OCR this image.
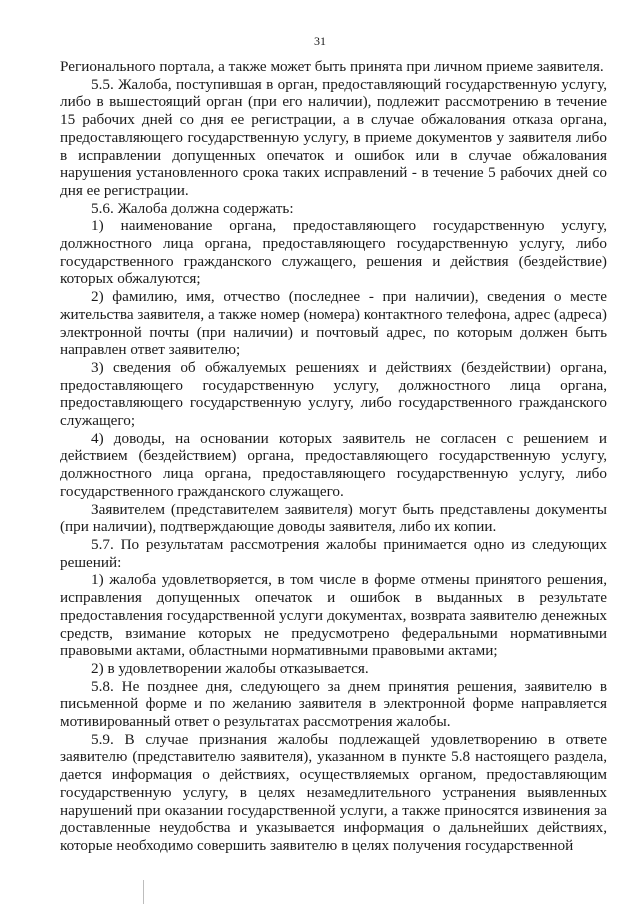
31

Регионального портала, а также может быть принята при личном приеме заявителя.

5.5. Жалоба, поступившая в орган, предоставляющий государственную услугу, либо в вышестоящий орган (при его наличии), подлежит рассмотрению в течение 15 рабочих дней со дня ее регистрации, а в случае обжалования отказа органа, предоставляющего государственную услугу, в приеме документов у заявителя либо в исправлении допущенных опечаток и ошибок или в случае обжалования нарушения установленного срока таких исправлений - в течение 5 рабочих дней со дня ее регистрации.

5.6. Жалоба должна содержать:

1) наименование органа, предоставляющего государственную услугу, должностного лица органа, предоставляющего государственную услугу, либо государственного гражданского служащего, решения и действия (бездействие) которых обжалуются;

2) фамилию, имя, отчество (последнее - при наличии), сведения о месте жительства заявителя, а также номер (номера) контактного телефона, адрес (адреса) электронной почты (при наличии) и почтовый адрес, по которым должен быть направлен ответ заявителю;

3) сведения об обжалуемых решениях и действиях (бездействии) органа, предоставляющего государственную услугу, должностного лица органа, предоставляющего государственную услугу, либо государственного гражданского служащего;

4) доводы, на основании которых заявитель не согласен с решением и действием (бездействием) органа, предоставляющего государственную услугу, должностного лица органа, предоставляющего государственную услугу, либо государственного гражданского служащего.

Заявителем (представителем заявителя) могут быть представлены документы (при наличии), подтверждающие доводы заявителя, либо их копии.

5.7. По результатам рассмотрения жалобы принимается одно из следующих решений:

1) жалоба удовлетворяется, в том числе в форме отмены принятого решения, исправления допущенных опечаток и ошибок в выданных в результате предоставления государственной услуги документах, возврата заявителю денежных средств, взимание которых не предусмотрено федеральными нормативными правовыми актами, областными нормативными правовыми актами;

2) в удовлетворении жалобы отказывается.

5.8. Не позднее дня, следующего за днем принятия решения, заявителю в письменной форме и по желанию заявителя в электронной форме направляется мотивированный ответ о результатах рассмотрения жалобы.

5.9. В случае признания жалобы подлежащей удовлетворению в ответе заявителю (представителю заявителя), указанном в пункте 5.8 настоящего раздела, дается информация о действиях, осуществляемых органом, предоставляющим государственную услугу, в целях незамедлительного устранения выявленных нарушений при оказании государственной услуги, а также приносятся извинения за доставленные неудобства и указывается информация о дальнейших действиях, которые необходимо совершить заявителю в целях получения государственной
